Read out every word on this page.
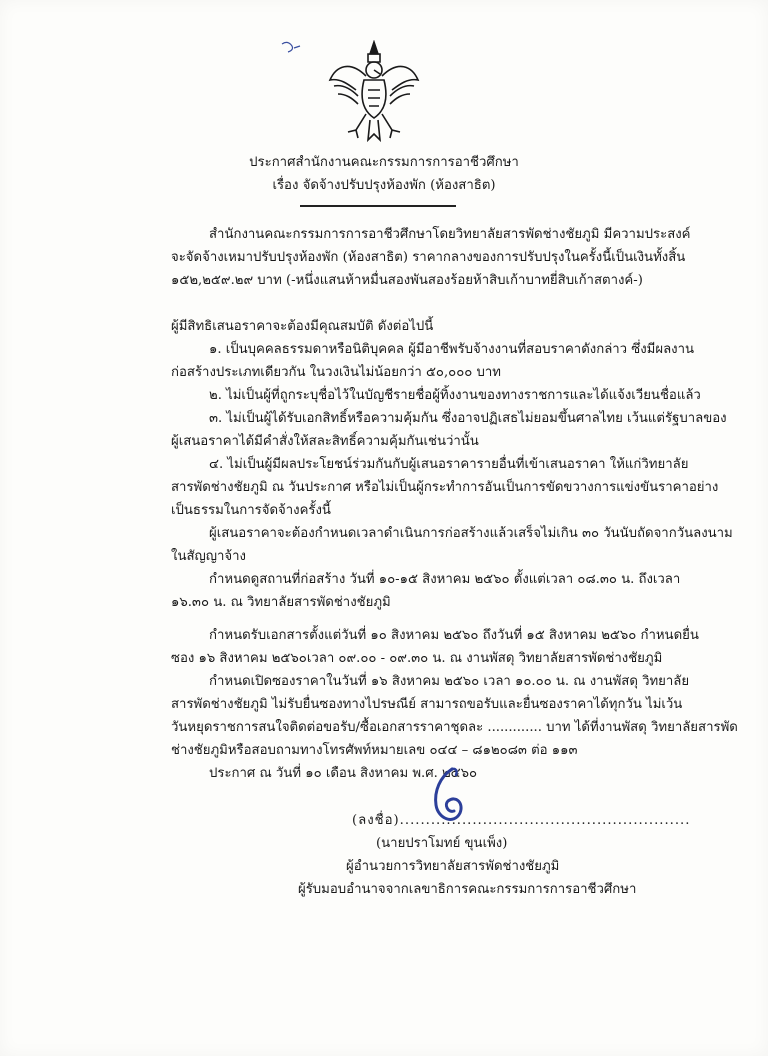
ประกาศสำนักงานคณะกรรมการการอาชีวศึกษา
เรื่อง จัดจ้างปรับปรุงห้องพัก (ห้องสาธิต)
สำนักงานคณะกรรมการการอาชีวศึกษาโดยวิทยาลัยสารพัดช่างชัยภูมิ มีความประสงค์
จะจัดจ้างเหมาปรับปรุงห้องพัก (ห้องสาธิต) ราคากลางของการปรับปรุงในครั้งนี้เป็นเงินทั้งสิ้น
๑๕๒,๒๕๙.๒๙ บาท (-หนึ่งแสนห้าหมื่นสองพันสองร้อยห้าสิบเก้าบาทยี่สิบเก้าสตางค์-)
ผู้มีสิทธิเสนอราคาจะต้องมีคุณสมบัติ ดังต่อไปนี้
๑. เป็นบุคคลธรรมดาหรือนิติบุคคล ผู้มีอาชีพรับจ้างงานที่สอบราคาดังกล่าว ซึ่งมีผลงาน
ก่อสร้างประเภทเดียวกัน ในวงเงินไม่น้อยกว่า ๕๐,๐๐๐ บาท
๒. ไม่เป็นผู้ที่ถูกระบุชื่อไว้ในบัญชีรายชื่อผู้ทิ้งงานของทางราชการและได้แจ้งเวียนชื่อแล้ว
๓. ไม่เป็นผู้ได้รับเอกสิทธิ์หรือความคุ้มกัน ซึ่งอาจปฏิเสธไม่ยอมขึ้นศาลไทย เว้นแต่รัฐบาลของ
ผู้เสนอราคาได้มีคำสั่งให้สละสิทธิ์ความคุ้มกันเช่นว่านั้น
๔. ไม่เป็นผู้มีผลประโยชน์ร่วมกันกับผู้เสนอราคารายอื่นที่เข้าเสนอราคา ให้แก่วิทยาลัย
สารพัดช่างชัยภูมิ ณ วันประกาศ หรือไม่เป็นผู้กระทำการอันเป็นการขัดขวางการแข่งขันราคาอย่าง
เป็นธรรมในการจัดจ้างครั้งนี้
ผู้เสนอราคาจะต้องกำหนดเวลาดำเนินการก่อสร้างแล้วเสร็จไม่เกิน ๓๐ วันนับถัดจากวันลงนาม
ในสัญญาจ้าง
กำหนดดูสถานที่ก่อสร้าง วันที่ ๑๐-๑๕ สิงหาคม ๒๕๖๐ ตั้งแต่เวลา ๐๘.๓๐ น. ถึงเวลา
๑๖.๓๐ น. ณ วิทยาลัยสารพัดช่างชัยภูมิ
กำหนดรับเอกสารตั้งแต่วันที่ ๑๐ สิงหาคม ๒๕๖๐ ถึงวันที่ ๑๕ สิงหาคม ๒๕๖๐ กำหนดยื่น
ซอง ๑๖ สิงหาคม ๒๕๖๐เวลา ๐๙.๐๐ - ๐๙.๓๐ น. ณ งานพัสดุ วิทยาลัยสารพัดช่างชัยภูมิ
กำหนดเปิดซองราคาในวันที่ ๑๖ สิงหาคม ๒๕๖๐ เวลา ๑๐.๐๐ น. ณ งานพัสดุ วิทยาลัย
สารพัดช่างชัยภูมิ ไม่รับยื่นซองทางไปรษณีย์ สามารถขอรับและยื่นซองราคาได้ทุกวัน ไม่เว้น
วันหยุดราชการสนใจติดต่อขอรับ/ซื้อเอกสารราคาชุดละ ............. บาท ได้ที่งานพัสดุ วิทยาลัยสารพัด
ช่างชัยภูมิหรือสอบถามทางโทรศัพท์หมายเลข ๐๔๔ – ๘๑๒๐๘๓ ต่อ ๑๑๓
ประกาศ ณ วันที่ ๑๐ เดือน สิงหาคม พ.ศ. ๒๕๖๐
(ลงชื่อ)........................................................
(นายปราโมทย์ ขุนเพ็ง)
ผู้อำนวยการวิทยาลัยสารพัดช่างชัยภูมิ
ผู้รับมอบอำนาจจากเลขาธิการคณะกรรมการการอาชีวศึกษา
